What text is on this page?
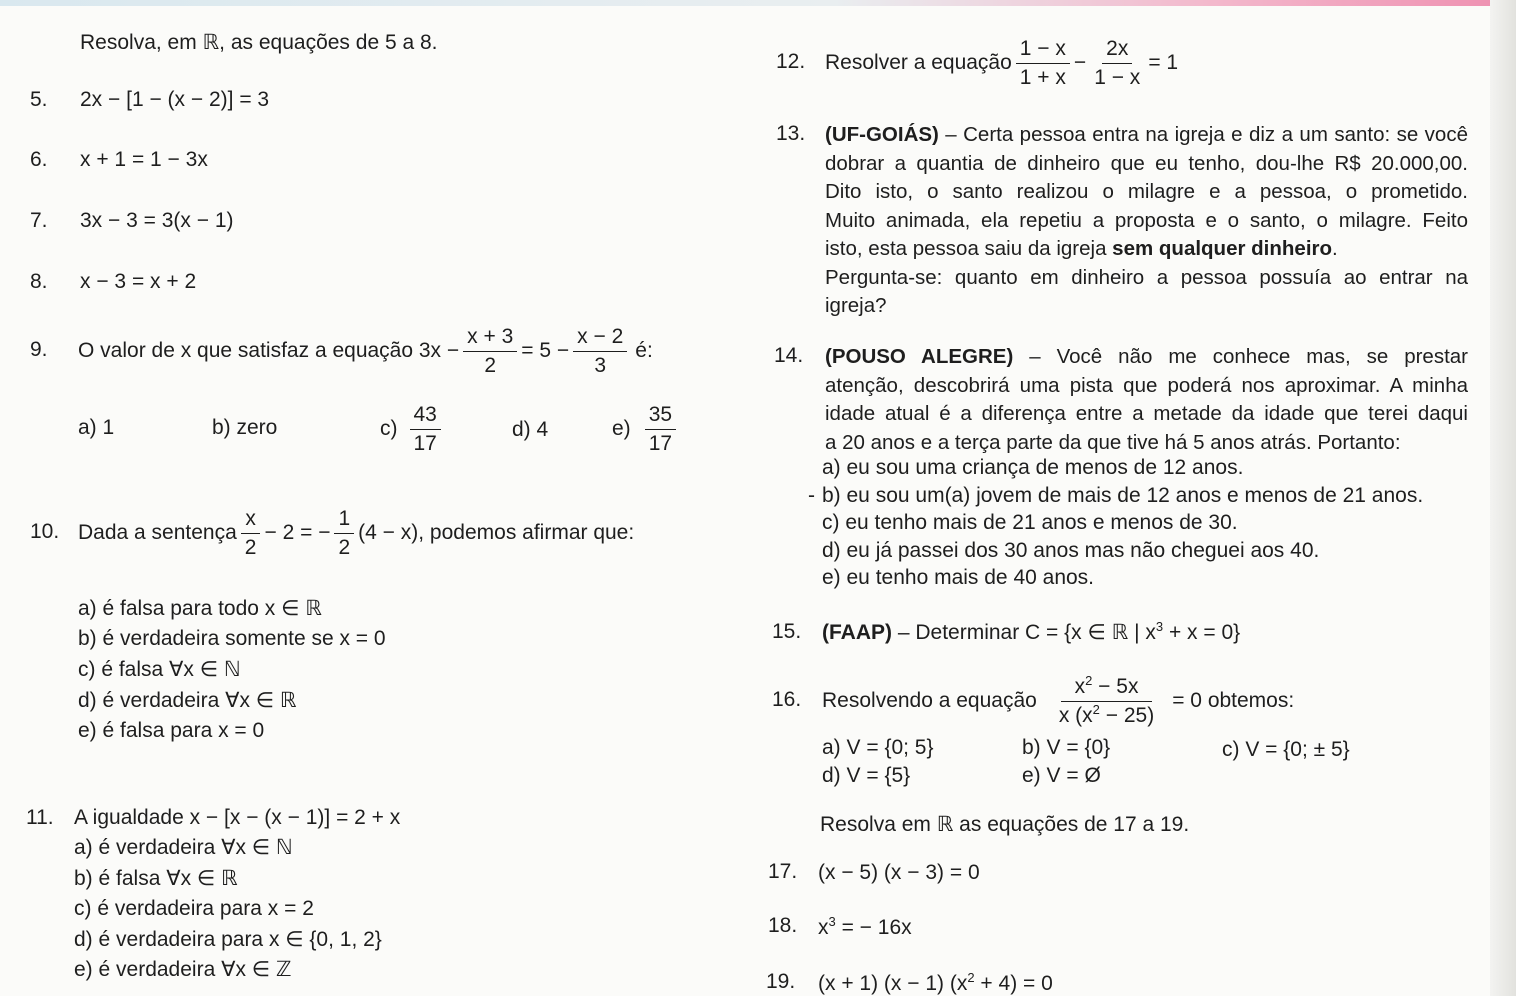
Resolva, em ℝ, as equações de 5 a 8.
5. 2x − [1 − (x − 2)] = 3
6. x + 1 = 1 − 3x
7. 3x − 3 = 3(x − 1)
8. x − 3 = x + 2
9. O valor de x que satisfaz a equação $3x - \frac{x + 3}{2} = 5 - \frac{x - 2}{3}$ é:
a) 1	b) zero	$c) \frac{43}{17}$	d) 4	$e) \frac{35}{17}$
10. Dada a sentença $\frac{x}{2} - 2$ = − $\frac{1}{2} (4 - x)$, podemos afirmar que:
a) é falsa para todo x ∈ ℝ
b) é verdadeira somente se x = 0
c) é falsa ∀x ∈ ℕ
d) é verdadeira ∀x ∈ ℝ
e) é falsa para x = 0
11. A igualdade x − [x − (x − 1)] = 2 + x
a) é verdadeira ∀x ∈ ℕ
b) é falsa ∀x ∈ ℝ
c) é verdadeira para x = 2
d) é verdadeira para x ∈ {0, 1, 2}
e) é verdadeira ∀x ∈ ℤ
12. Resolver a equação $\frac{1 - x}{1 + x} - \frac{2x}{1 - x} = 1$
13. (UF-GOIÁS) – Certa pessoa entra na igreja e diz a um santo: se você
dobrar a quantia de dinheiro que eu tenho, dou-lhe R$ 20.000,00.
Dito isto, o santo realizou o milagre e a pessoa, o prometido.
Muito animada, ela repetiu a proposta e o santo, o milagre. Feito
isto, esta pessoa saiu da igreja sem qualquer dinheiro.
Pergunta-se: quanto em dinheiro a pessoa possuía ao entrar na
igreja?
14. (POUSO ALEGRE) – Você não me conhece mas, se prestar
atenção, descobrirá uma pista que poderá nos aproximar. A minha
idade atual é a diferença entre a metade da idade que terei daqui
a 20 anos e a terça parte da que tive há 5 anos atrás. Portanto:
a) eu sou uma criança de menos de 12 anos.
- b) eu sou um(a) jovem de mais de 12 anos e menos de 21 anos.
c) eu tenho mais de 21 anos e menos de 30.
d) eu já passei dos 30 anos mas não cheguei aos 40.
e) eu tenho mais de 40 anos.
15. (FAAP) – Determinar C = {x ∈ ℝ | $x^3 + x = 0$}
16. Resolvendo a equação $\frac{x^2 - 5x}{x (x^2 - 25)} = 0$ obtemos:
a) V = {0; 5}	b) V = {0}	c) V = {0; ± 5}
d) V = {5}	e) V = Ø
Resolva em ℝ as equações de 17 a 19.
17. (x − 5) (x − 3) = 0
18. $x^3$ = − 16x
19. (x + 1) (x − 1) $(x^2 + 4) = 0$
